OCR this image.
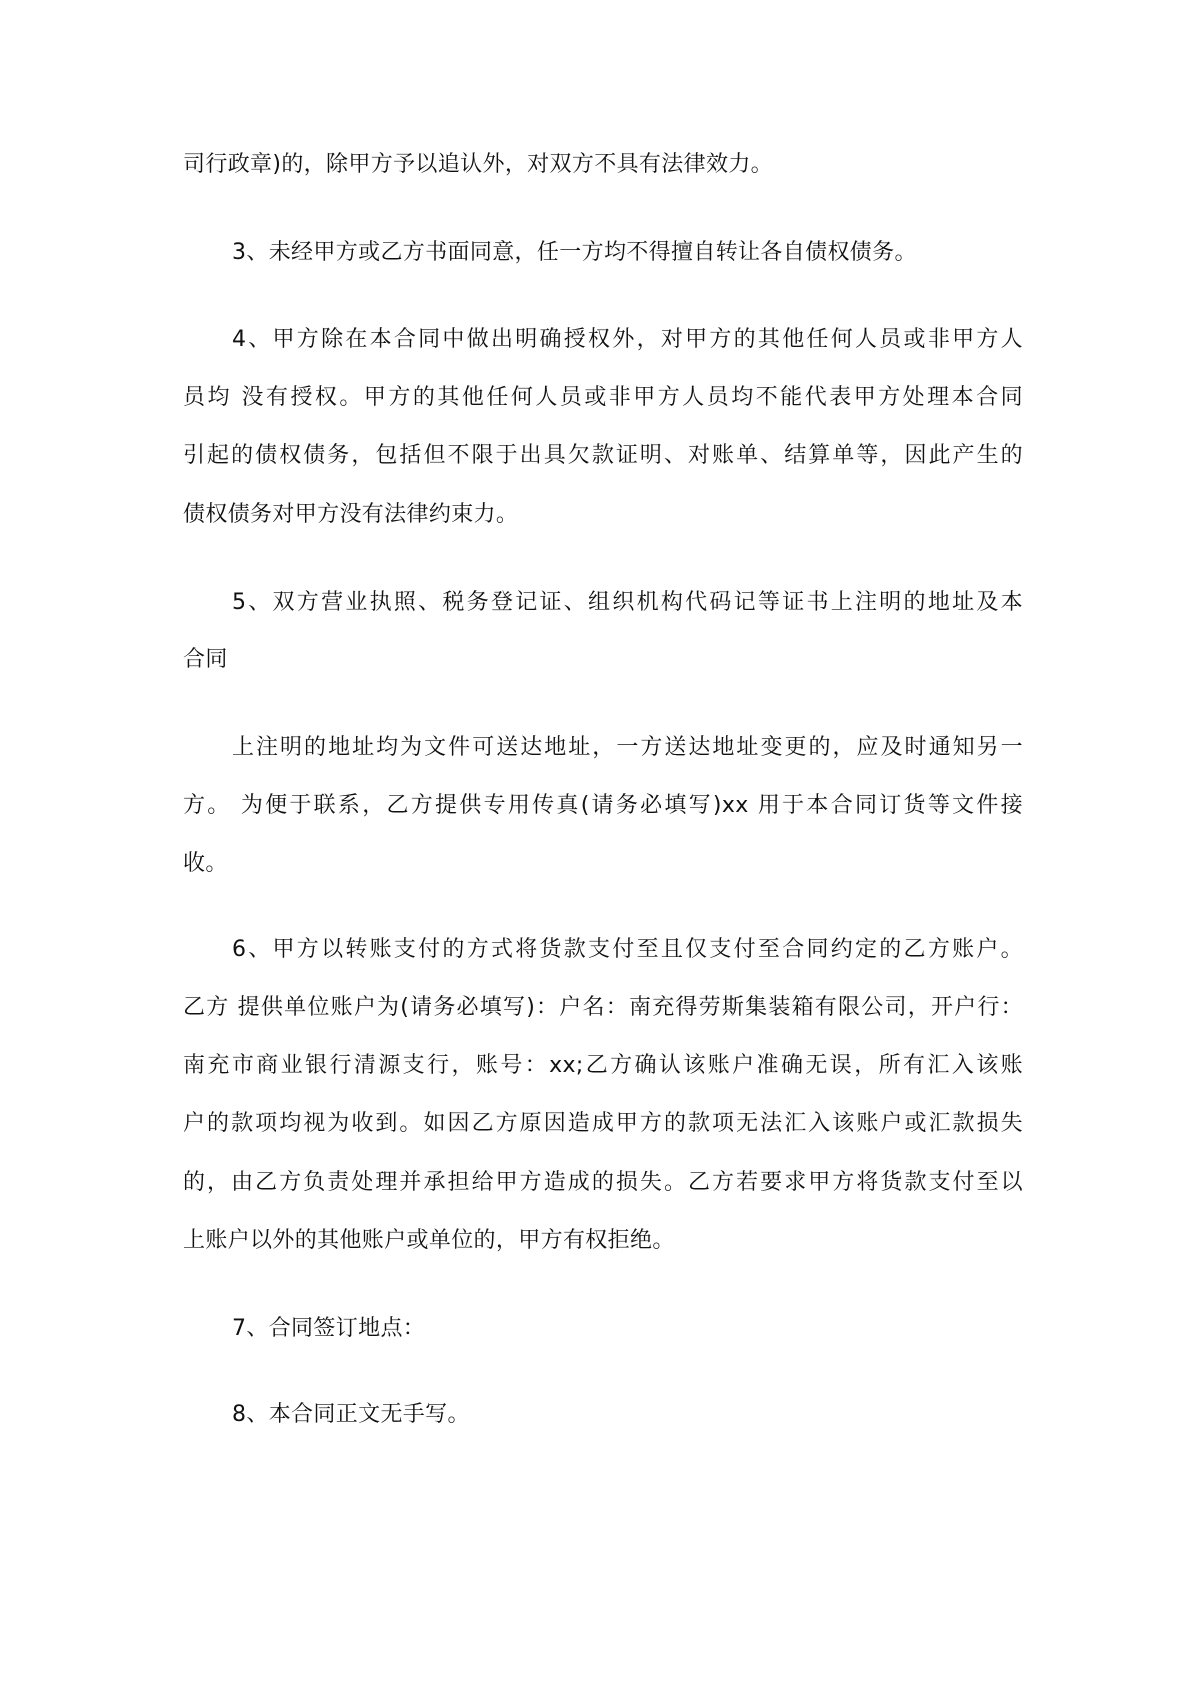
司行政章)的，除甲方予以追认外，对双方不具有法律效力。

3、未经甲方或乙方书面同意，任一方均不得擅自转让各自债权债务。

4、甲方除在本合同中做出明确授权外，对甲方的其他任何人员或非甲方人

员均 没有授权。甲方的其他任何人员或非甲方人员均不能代表甲方处理本合同

引起的债权债务，包括但不限于出具欠款证明、对账单、结算单等，因此产生的

债权债务对甲方没有法律约束力。

5、双方营业执照、税务登记证、组织机构代码记等证书上注明的地址及本

合同

上注明的地址均为文件可送达地址，一方送达地址变更的，应及时通知另一

方。 为便于联系，乙方提供专用传真(请务必填写)xx 用于本合同订货等文件接

收。

6、甲方以转账支付的方式将货款支付至且仅支付至合同约定的乙方账户。

乙方 提供单位账户为(请务必填写)：户名：南充得劳斯集装箱有限公司，开户行：

南充市商业银行清源支行，账号：xx;乙方确认该账户准确无误，所有汇入该账

户的款项均视为收到。如因乙方原因造成甲方的款项无法汇入该账户或汇款损失

的，由乙方负责处理并承担给甲方造成的损失。乙方若要求甲方将货款支付至以

上账户以外的其他账户或单位的，甲方有权拒绝。

7、合同签订地点：

8、本合同正文无手写。
